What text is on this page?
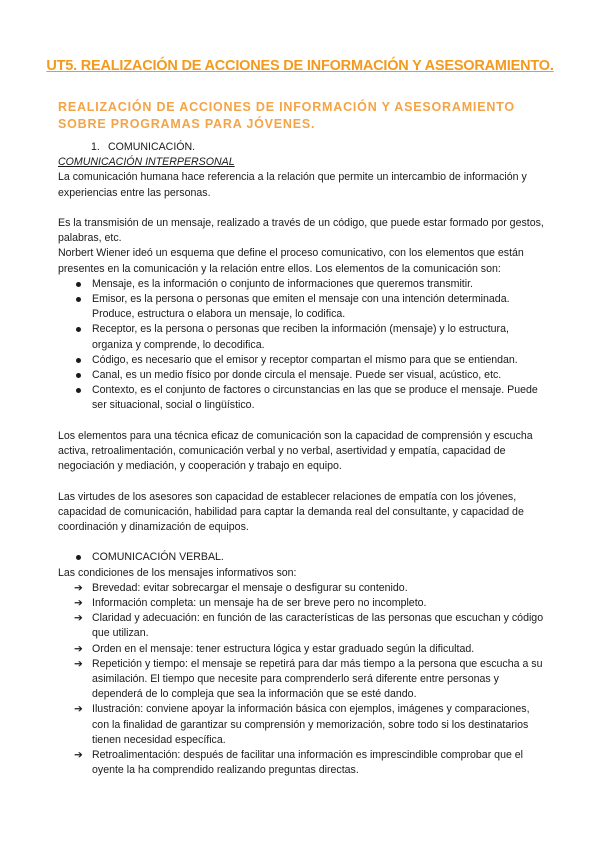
UT5. REALIZACIÓN DE ACCIONES DE INFORMACIÓN Y ASESORAMIENTO.
REALIZACIÓN DE ACCIONES DE INFORMACIÓN Y ASESORAMIENTO SOBRE PROGRAMAS PARA JÓVENES.

1. COMUNICACIÓN.

COMUNICACIÓN INTERPERSONAL

La comunicación humana hace referencia a la relación que permite un intercambio de información y experiencias entre las personas.

Es la transmisión de un mensaje, realizado a través de un código, que puede estar formado por gestos, palabras, etc.

Norbert Wiener ideó un esquema que define el proceso comunicativo, con los elementos que están presentes en la comunicación y la relación entre ellos. Los elementos de la comunicación son:

Mensaje, es la información o conjunto de informaciones que queremos transmitir.
Emisor, es la persona o personas que emiten el mensaje con una intención determinada. Produce, estructura o elabora un mensaje, lo codifica.
Receptor, es la persona o personas que reciben la información (mensaje) y lo estructura, organiza y comprende, lo decodifica.
Código, es necesario que el emisor y receptor compartan el mismo para que se entiendan.
Canal, es un medio físico por donde circula el mensaje. Puede ser visual, acústico, etc.
Contexto, es el conjunto de factores o circunstancias en las que se produce el mensaje. Puede ser situacional, social o lingüístico.

Los elementos para una técnica eficaz de comunicación son la capacidad de comprensión y escucha activa, retroalimentación, comunicación verbal y no verbal, asertividad y empatía, capacidad de negociación y mediación, y cooperación y trabajo en equipo.

Las virtudes de los asesores son capacidad de establecer relaciones de empatía con los jóvenes, capacidad de comunicación, habilidad para captar la demanda real del consultante, y capacidad de coordinación y dinamización de equipos.

COMUNICACIÓN VERBAL.

Las condiciones de los mensajes informativos son:

➔ Brevedad: evitar sobrecargar el mensaje o desfigurar su contenido.
➔ Información completa: un mensaje ha de ser breve pero no incompleto.
➔ Claridad y adecuación: en función de las características de las personas que escuchan y código que utilizan.
➔ Orden en el mensaje: tener estructura lógica y estar graduado según la dificultad.
➔ Repetición y tiempo: el mensaje se repetirá para dar más tiempo a la persona que escucha a su asimilación. El tiempo que necesite para comprenderlo será diferente entre personas y dependerá de lo compleja que sea la información que se esté dando.
➔ Ilustración: conviene apoyar la información básica con ejemplos, imágenes y comparaciones, con la finalidad de garantizar su comprensión y memorización, sobre todo si los destinatarios tienen necesidad específica.
➔ Retroalimentación: después de facilitar una información es imprescindible comprobar que el oyente la ha comprendido realizando preguntas directas.
